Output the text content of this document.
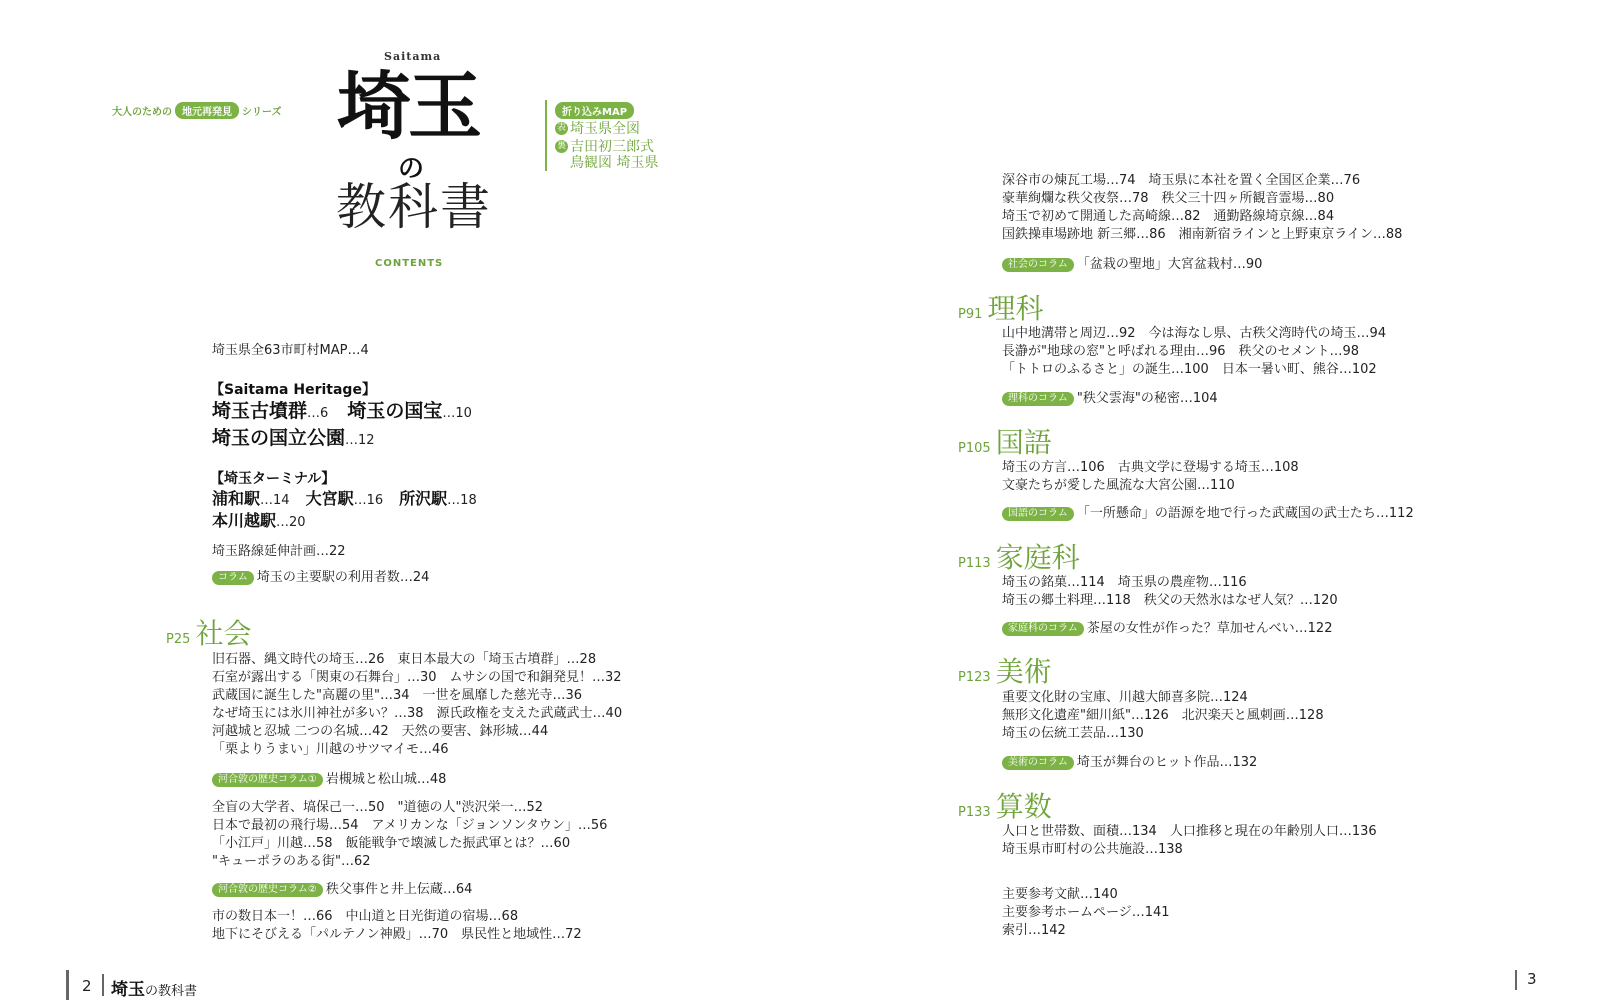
Saitama
大人のための 地元再発見 シリーズ 埼玉
の
教科書
CONTENTS
折り込みMAP
表 埼玉県全図
裏 吉田初三郎式
鳥観図 埼玉県
埼玉県全63市町村MAP…4
【Saitama Heritage】
埼玉古墳群…6　 埼玉の国宝…10
埼玉の国立公園…12
【埼玉ターミナル】
浦和駅…14　 大宮駅…16　 所沢駅…18
本川越駅…20
埼玉路線延伸計画…22
コラム 埼玉の主要駅の利用者数…24
P25 社会
旧石器、縄文時代の埼玉…26　東日本最大の「埼玉古墳群」…28
石室が露出する「関東の石舞台」…30　ムサシの国で和銅発見！…32
武蔵国に誕生した"高麗の里"…34　一世を風靡した慈光寺…36
なぜ埼玉には氷川神社が多い？…38　源氏政権を支えた武蔵武士…40
河越城と忍城 二つの名城…42　天然の要害、鉢形城…44
「栗よりうまい」川越のサツマイモ…46
河合敦の歴史コラム① 岩槻城と松山城…48
全盲の大学者、塙保己一…50　"道徳の人"渋沢栄一…52
日本で最初の飛行場…54　アメリカンな「ジョンソンタウン」…56
「小江戸」川越…58　飯能戦争で壊滅した振武軍とは？…60
"キューポラのある街"…62
河合敦の歴史コラム② 秩父事件と井上伝蔵…64
市の数日本一！…66　中山道と日光街道の宿場…68
地下にそびえる「パルテノン神殿」…70　県民性と地域性…72
深谷市の煉瓦工場…74　埼玉県に本社を置く全国区企業…76
豪華絢爛な秩父夜祭…78　秩父三十四ヶ所観音霊場…80
埼玉で初めて開通した高崎線…82　通勤路線埼京線…84
国鉄操車場跡地 新三郷…86　湘南新宿ラインと上野東京ライン…88
社会のコラム 「盆栽の聖地」大宮盆栽村…90
P91 理科
山中地溝帯と周辺…92　今は海なし県、古秩父湾時代の埼玉…94
長瀞が"地球の窓"と呼ばれる理由…96　秩父のセメント…98
「トトロのふるさと」の誕生…100　日本一暑い町、熊谷…102
理科のコラム "秩父雲海"の秘密…104
P105 国語
埼玉の方言…106　古典文学に登場する埼玉…108
文豪たちが愛した風流な大宮公園…110
国語のコラム 「一所懸命」の語源を地で行った武蔵国の武士たち…112
P113 家庭科
埼玉の銘菓…114　埼玉県の農産物…116
埼玉の郷土料理…118　秩父の天然氷はなぜ人気？…120
家庭科のコラム 茶屋の女性が作った？草加せんべい…122
P123 美術
重要文化財の宝庫、川越大師喜多院…124
無形文化遺産"細川紙"…126　北沢楽天と風刺画…128
埼玉の伝統工芸品…130
美術のコラム 埼玉が舞台のヒット作品…132
P133 算数
人口と世帯数、面積…134　人口推移と現在の年齢別人口…136
埼玉県市町村の公共施設…138
主要参考文献…140
主要参考ホームページ…141
索引…142
2 埼玉の教科書
3
